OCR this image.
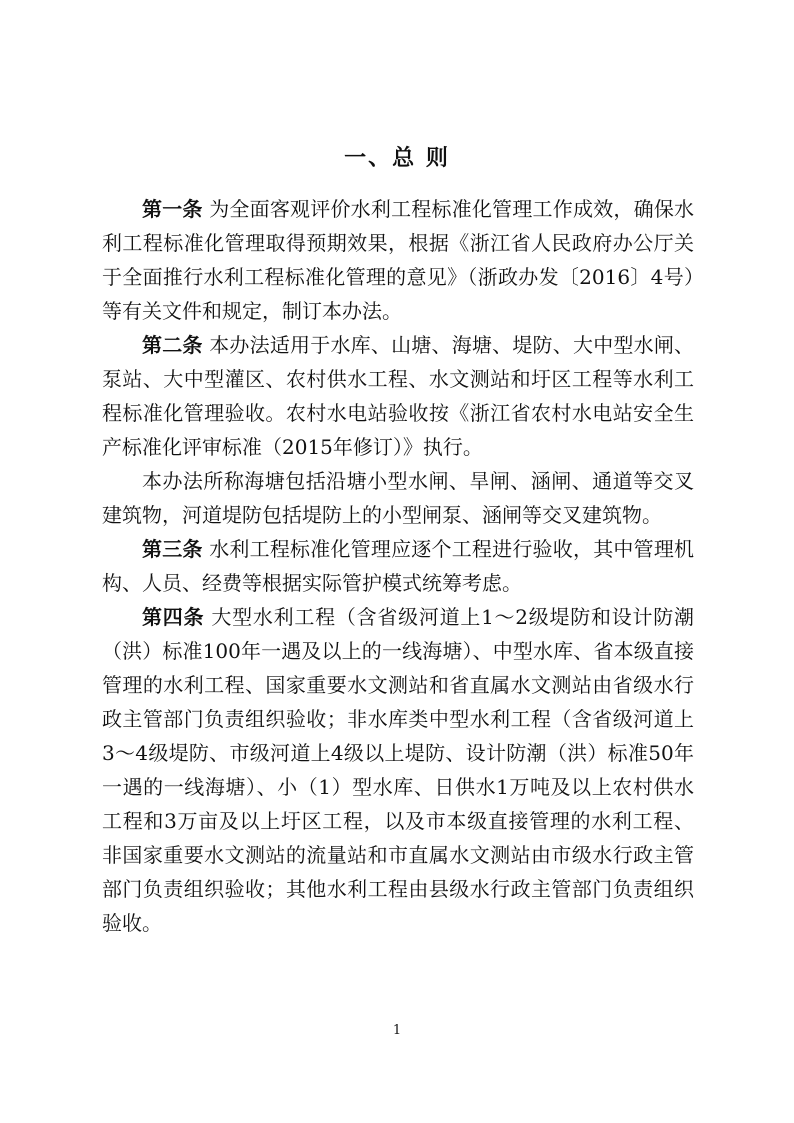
一、总 则

第一条 为全面客观评价水利工程标准化管理工作成效，确保水利工程标准化管理取得预期效果，根据《浙江省人民政府办公厅关于全面推行水利工程标准化管理的意见》（浙政办发〔2016〕4号）等有关文件和规定，制订本办法。

第二条 本办法适用于水库、山塘、海塘、堤防、大中型水闸、泵站、大中型灌区、农村供水工程、水文测站和圩区工程等水利工程标准化管理验收。农村水电站验收按《浙江省农村水电站安全生产标准化评审标准（2015年修订）》执行。

本办法所称海塘包括沿塘小型水闸、旱闸、涵闸、通道等交叉建筑物，河道堤防包括堤防上的小型闸泵、涵闸等交叉建筑物。

第三条 水利工程标准化管理应逐个工程进行验收，其中管理机构、人员、经费等根据实际管护模式统筹考虑。

第四条 大型水利工程（含省级河道上1～2级堤防和设计防潮（洪）标准100年一遇及以上的一线海塘）、中型水库、省本级直接管理的水利工程、国家重要水文测站和省直属水文测站由省级水行政主管部门负责组织验收；非水库类中型水利工程（含省级河道上3～4级堤防、市级河道上4级以上堤防、设计防潮（洪）标准50年一遇的一线海塘）、小（1）型水库、日供水1万吨及以上农村供水工程和3万亩及以上圩区工程，以及市本级直接管理的水利工程、非国家重要水文测站的流量站和市直属水文测站由市级水行政主管部门负责组织验收；其他水利工程由县级水行政主管部门负责组织验收。

1
